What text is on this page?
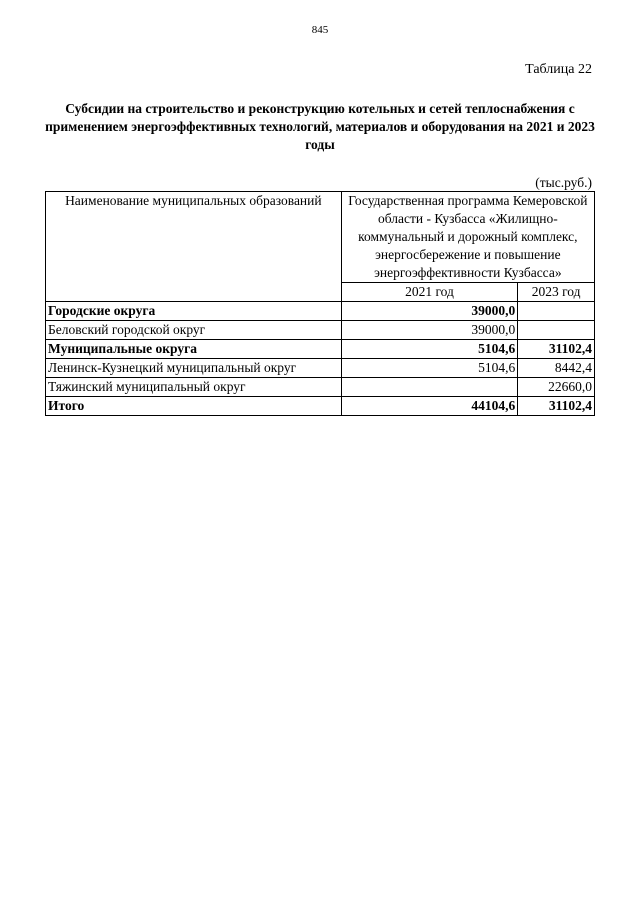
845
Таблица 22
Субсидии на строительство и реконструкцию котельных и сетей теплоснабжения с применением энергоэффективных технологий, материалов и оборудования на 2021 и 2023 годы
(тыс.руб.)
Наименование муниципальных образований	Государственная программа Кемеровской области - Кузбасса «Жилищно-коммунальный и дорожный комплекс, энергосбережение и повышение энергоэффективности Кузбасса»	
	2021 год	2023 год
Городские округа	39000,0	
Беловский городской округ	39000,0	
Муниципальные округа	5104,6	31102,4
Ленинск-Кузнецкий муниципальный округ	5104,6	8442,4
Тяжинский муниципальный округ		22660,0
Итого	44104,6	31102,4
